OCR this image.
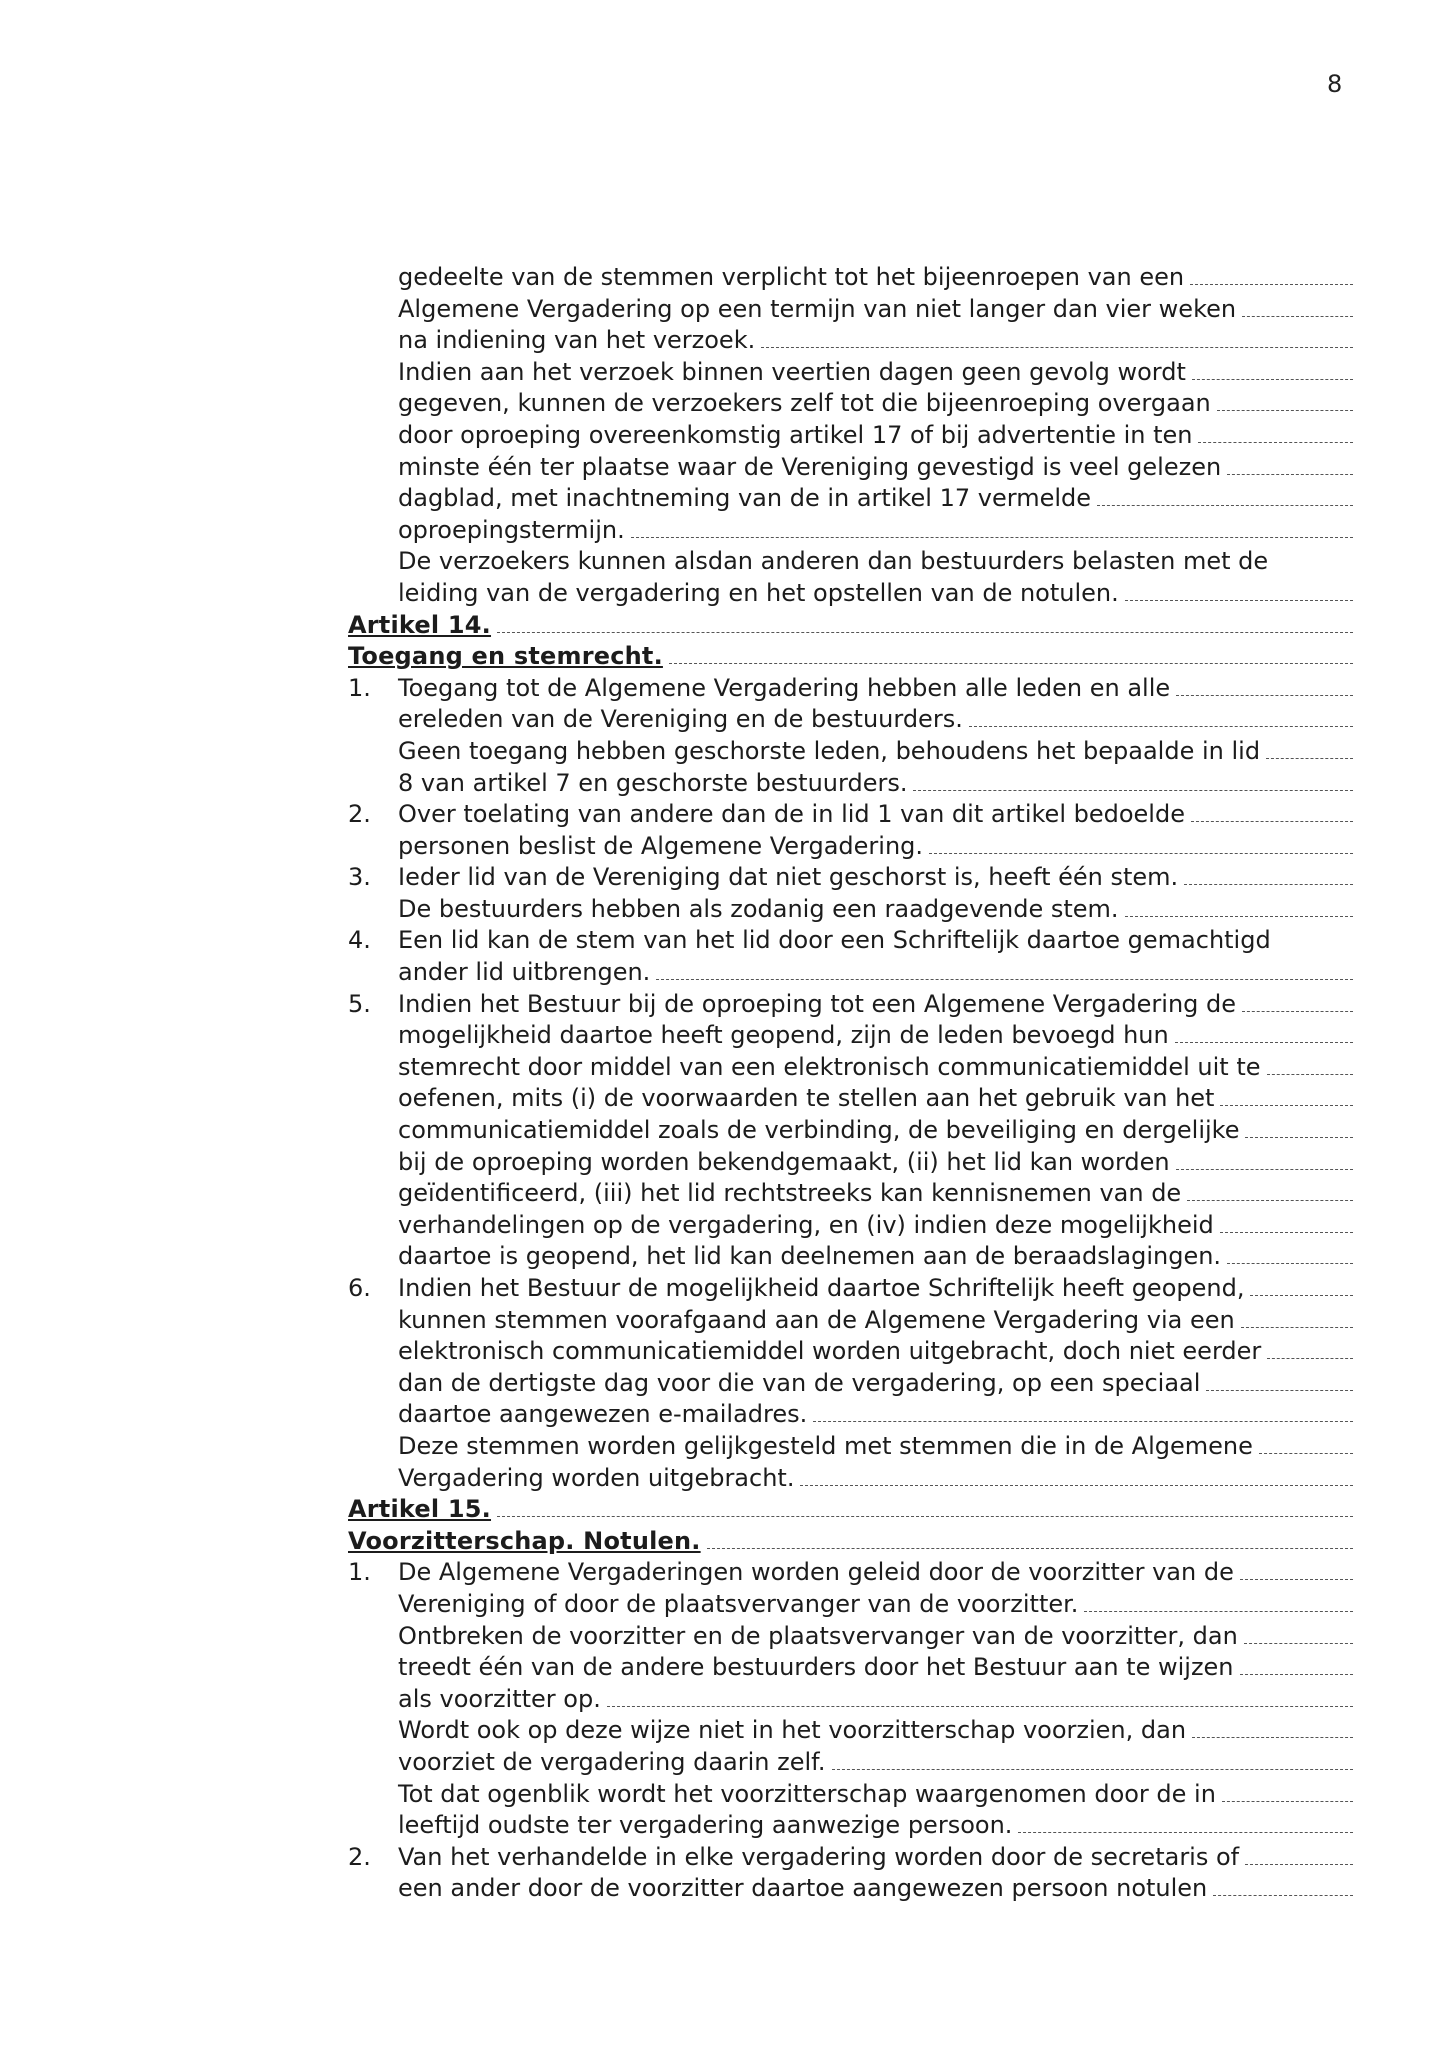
8
gedeelte van de stemmen verplicht tot het bijeenroepen van een
Algemene Vergadering op een termijn van niet langer dan vier weken
na indiening van het verzoek.
Indien aan het verzoek binnen veertien dagen geen gevolg wordt
gegeven, kunnen de verzoekers zelf tot die bijeenroeping overgaan
door oproeping overeenkomstig artikel 17 of bij advertentie in ten
minste één ter plaatse waar de Vereniging gevestigd is veel gelezen
dagblad, met inachtneming van de in artikel 17 vermelde
oproepingstermijn.
De verzoekers kunnen alsdan anderen dan bestuurders belasten met de
leiding van de vergadering en het opstellen van de notulen.
Artikel 14.
Toegang en stemrecht.
1.	Toegang tot de Algemene Vergadering hebben alle leden en alle
ereleden van de Vereniging en de bestuurders.
Geen toegang hebben geschorste leden, behoudens het bepaalde in lid
8 van artikel 7 en geschorste bestuurders.
2.	Over toelating van andere dan de in lid 1 van dit artikel bedoelde
personen beslist de Algemene Vergadering.
3.	Ieder lid van de Vereniging dat niet geschorst is, heeft één stem.
De bestuurders hebben als zodanig een raadgevende stem.
4.	Een lid kan de stem van het lid door een Schriftelijk daartoe gemachtigd
ander lid uitbrengen.
5.	Indien het Bestuur bij de oproeping tot een Algemene Vergadering de
mogelijkheid daartoe heeft geopend, zijn de leden bevoegd hun
stemrecht door middel van een elektronisch communicatiemiddel uit te
oefenen, mits (i) de voorwaarden te stellen aan het gebruik van het
communicatiemiddel zoals de verbinding, de beveiliging en dergelijke
bij de oproeping worden bekendgemaakt, (ii) het lid kan worden
geïdentificeerd, (iii) het lid rechtstreeks kan kennisnemen van de
verhandelingen op de vergadering, en (iv) indien deze mogelijkheid
daartoe is geopend, het lid kan deelnemen aan de beraadslagingen.
6.	Indien het Bestuur de mogelijkheid daartoe Schriftelijk heeft geopend,
kunnen stemmen voorafgaand aan de Algemene Vergadering via een
elektronisch communicatiemiddel worden uitgebracht, doch niet eerder
dan de dertigste dag voor die van de vergadering, op een speciaal
daartoe aangewezen e-mailadres.
Deze stemmen worden gelijkgesteld met stemmen die in de Algemene
Vergadering worden uitgebracht.
Artikel 15.
Voorzitterschap. Notulen.
1.	De Algemene Vergaderingen worden geleid door de voorzitter van de
Vereniging of door de plaatsvervanger van de voorzitter.
Ontbreken de voorzitter en de plaatsvervanger van de voorzitter, dan
treedt één van de andere bestuurders door het Bestuur aan te wijzen
als voorzitter op.
Wordt ook op deze wijze niet in het voorzitterschap voorzien, dan
voorziet de vergadering daarin zelf.
Tot dat ogenblik wordt het voorzitterschap waargenomen door de in
leeftijd oudste ter vergadering aanwezige persoon.
2.	Van het verhandelde in elke vergadering worden door de secretaris of
een ander door de voorzitter daartoe aangewezen persoon notulen
